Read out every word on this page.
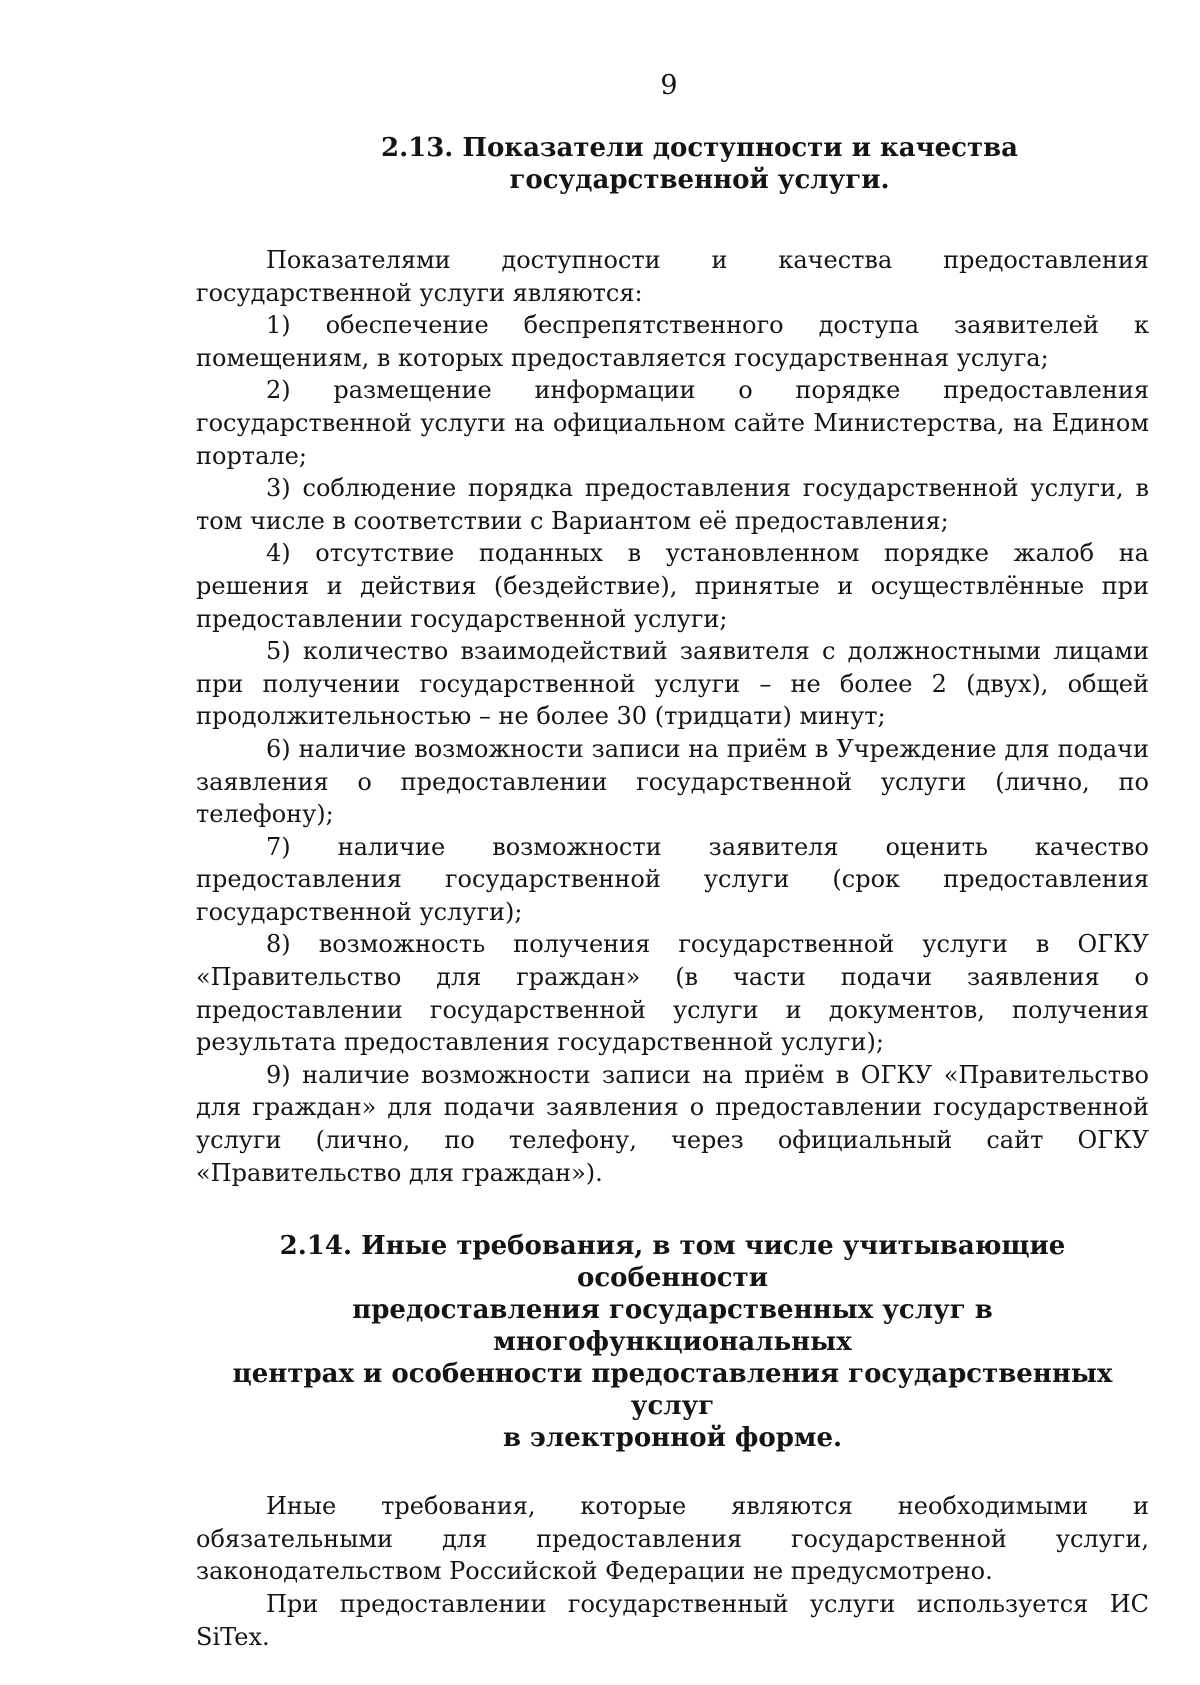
9

2.13. Показатели доступности и качества государственной услуги.

Показателями доступности и качества предоставления государственной услуги являются:

1) обеспечение беспрепятственного доступа заявителей к помещениям, в которых предоставляется государственная услуга;

2) размещение информации о порядке предоставления государственной услуги на официальном сайте Министерства, на Едином портале;

3) соблюдение порядка предоставления государственной услуги, в том числе в соответствии с Вариантом её предоставления;

4) отсутствие поданных в установленном порядке жалоб на решения и действия (бездействие), принятые и осуществлённые при предоставлении государственной услуги;

5) количество взаимодействий заявителя с должностными лицами при получении государственной услуги – не более 2 (двух), общей продолжительностью – не более 30 (тридцати) минут;

6) наличие возможности записи на приём в Учреждение для подачи заявления о предоставлении государственной услуги (лично, по телефону);

7) наличие возможности заявителя оценить качество предоставления государственной услуги (срок предоставления государственной услуги);

8) возможность получения государственной услуги в ОГКУ «Правительство для граждан» (в части подачи заявления о предоставлении государственной услуги и документов, получения результата предоставления государственной услуги);

9) наличие возможности записи на приём в ОГКУ «Правительство для граждан» для подачи заявления о предоставлении государственной услуги (лично, по телефону, через официальный сайт ОГКУ «Правительство для граждан»).

2.14. Иные требования, в том числе учитывающие особенности

предоставления государственных услуг в многофункциональных

центрах и особенности предоставления государственных услуг

в электронной форме.

Иные требования, которые являются необходимыми и обязательными для предоставления государственной услуги, законодательством Российской Федерации не предусмотрено.

При предоставлении государственный услуги используется ИС SiTex.
